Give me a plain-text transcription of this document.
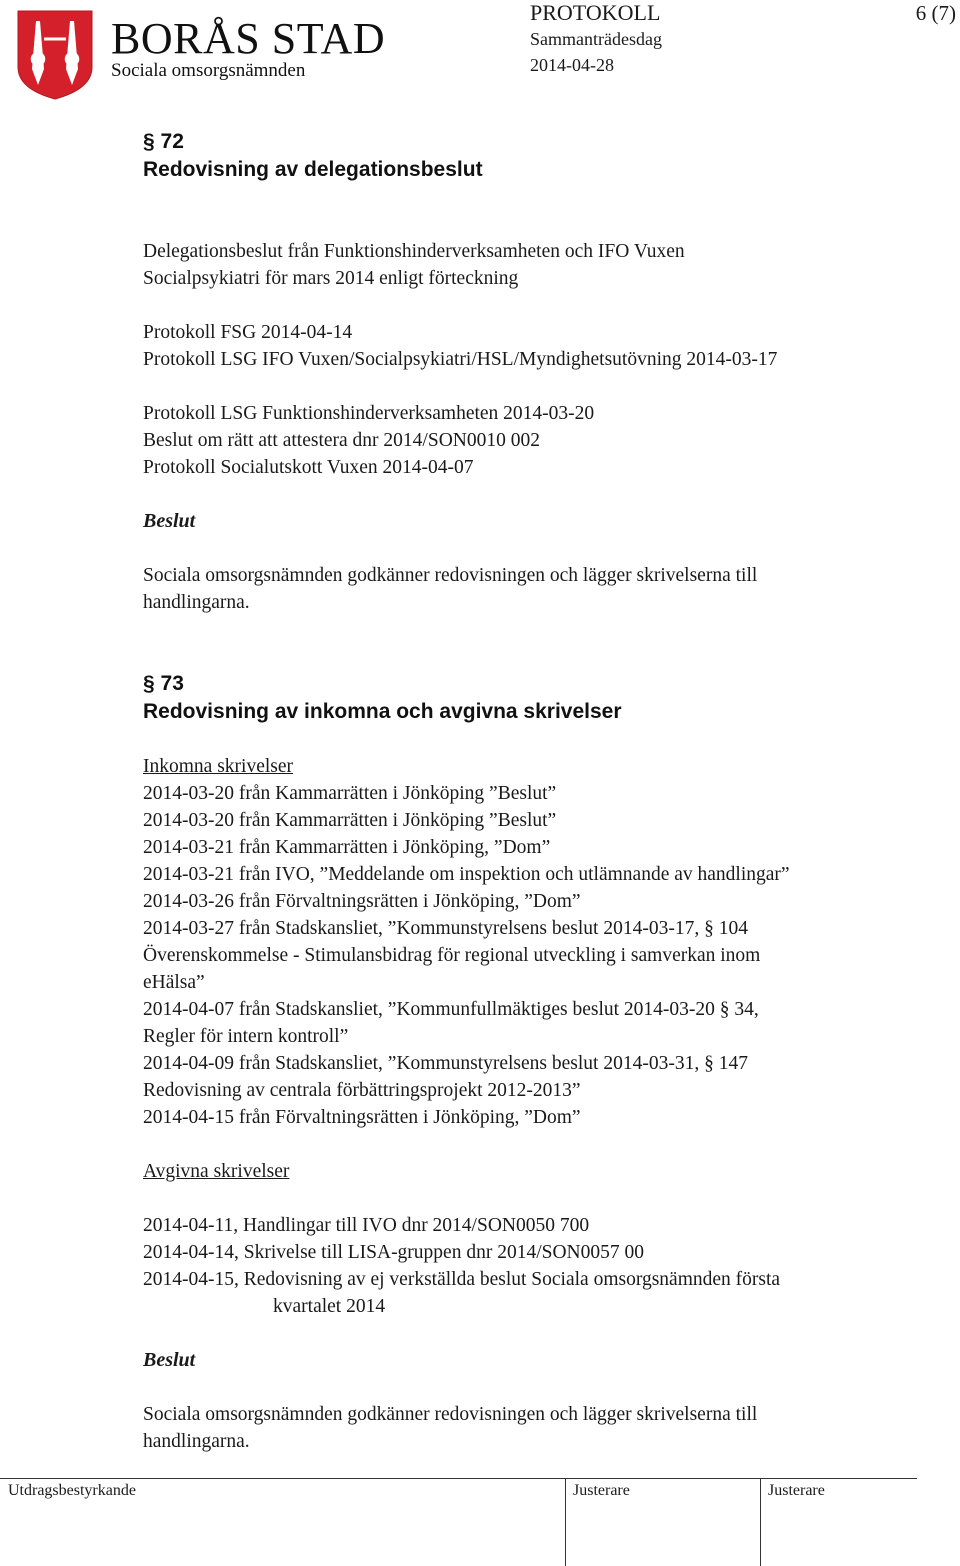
BORÅS STAD
Sociala omsorgsnämnden
PROTOKOLL
Sammanträdesdag
2014-04-28
6 (7)
§ 72
Redovisning av delegationsbeslut

Delegationsbeslut från Funktionshinderverksamheten och IFO Vuxen

Socialpsykiatri för mars 2014 enligt förteckning

Protokoll FSG 2014-04-14

Protokoll LSG IFO Vuxen/Socialpsykiatri/HSL/Myndighetsutövning 2014-03-17

Protokoll LSG Funktionshinderverksamheten 2014-03-20

Beslut om rätt att attestera dnr 2014/SON0010 002

Protokoll Socialutskott Vuxen 2014-04-07

Beslut

Sociala omsorgsnämnden godkänner redovisningen och lägger skrivelserna till

handlingarna.

§ 73
Redovisning av inkomna och avgivna skrivelser

Inkomna skrivelser

2014-03-20 från Kammarrätten i Jönköping ”Beslut”

2014-03-20 från Kammarrätten i Jönköping ”Beslut”

2014-03-21 från Kammarrätten i Jönköping, ”Dom”

2014-03-21 från IVO, ”Meddelande om inspektion och utlämnande av handlingar”

2014-03-26 från Förvaltningsrätten i Jönköping, ”Dom”

2014-03-27 från Stadskansliet, ”Kommunstyrelsens beslut 2014-03-17, § 104

Överenskommelse - Stimulansbidrag för regional utveckling i samverkan inom

eHälsa”

2014-04-07 från Stadskansliet, ”Kommunfullmäktiges beslut 2014-03-20 § 34,

Regler för intern kontroll”

2014-04-09 från Stadskansliet, ”Kommunstyrelsens beslut 2014-03-31, § 147

Redovisning av centrala förbättringsprojekt 2012-2013”

2014-04-15 från Förvaltningsrätten i Jönköping, ”Dom”

Avgivna skrivelser

2014-04-11, Handlingar till IVO dnr 2014/SON0050 700

2014-04-14, Skrivelse till LISA-gruppen dnr 2014/SON0057 00

2014-04-15, Redovisning av ej verkställda beslut Sociala omsorgsnämnden första

kvartalet 2014

Beslut

Sociala omsorgsnämnden godkänner redovisningen och lägger skrivelserna till

handlingarna.

Utdragsbestyrkande	Justerare	Justerare
